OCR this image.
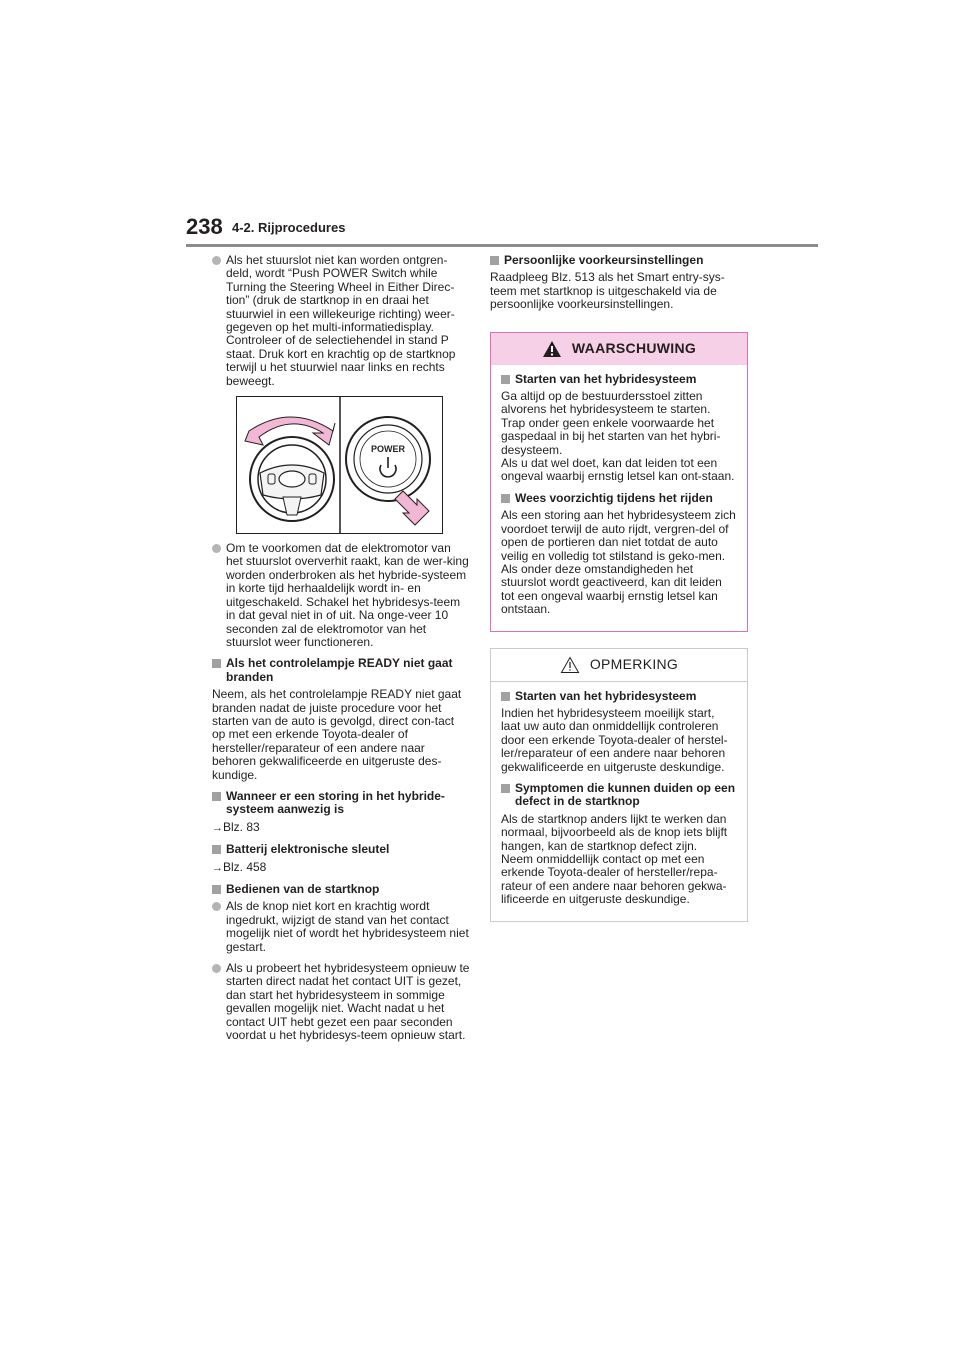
238 4-2. Rijprocedures

Als het stuurslot niet kan worden ontgren-deld, wordt “Push POWER Switch while Turning the Steering Wheel in Either Direc-tion” (druk de startknop in en draai het stuurwiel in een willekeurige richting) weer-gegeven op het multi-informatiedisplay. Controleer of de selectiehendel in stand P staat. Druk kort en krachtig op de startknop terwijl u het stuurwiel naar links en rechts beweegt.

POWER

Om te voorkomen dat de elektromotor van het stuurslot oververhit raakt, kan de wer-king worden onderbroken als het hybride-systeem in korte tijd herhaaldelijk wordt in- en uitgeschakeld. Schakel het hybridesys-teem in dat geval niet in of uit. Na onge-veer 10 seconden zal de elektromotor van het stuurslot weer functioneren.

Als het controlelampje READY niet gaat branden

Neem, als het controlelampje READY niet gaat branden nadat de juiste procedure voor het starten van de auto is gevolgd, direct con-tact op met een erkende Toyota-dealer of hersteller/reparateur of een andere naar behoren gekwalificeerde en uitgeruste des-kundige.

Wanneer er een storing in het hybride-systeem aanwezig is

→Blz. 83

Batterij elektronische sleutel

→Blz. 458

Bedienen van de startknop

Als de knop niet kort en krachtig wordt ingedrukt, wijzigt de stand van het contact mogelijk niet of wordt het hybridesysteem niet gestart.

Als u probeert het hybridesysteem opnieuw te starten direct nadat het contact UIT is gezet, dan start het hybridesysteem in sommige gevallen mogelijk niet. Wacht nadat u het contact UIT hebt gezet een paar seconden voordat u het hybridesys-teem opnieuw start.

Persoonlijke voorkeursinstellingen

Raadpleeg Blz. 513 als het Smart entry-sys-teem met startknop is uitgeschakeld via de persoonlijke voorkeursinstellingen.

WAARSCHUWING

Starten van het hybridesysteem

Ga altijd op de bestuurdersstoel zitten alvorens het hybridesysteem te starten. Trap onder geen enkele voorwaarde het gaspedaal in bij het starten van het hybri-desysteem.

Als u dat wel doet, kan dat leiden tot een ongeval waarbij ernstig letsel kan ont-staan.

Wees voorzichtig tijdens het rijden

Als een storing aan het hybridesysteem zich voordoet terwijl de auto rijdt, vergren-del of open de portieren dan niet totdat de auto veilig en volledig tot stilstand is geko-men. Als onder deze omstandigheden het stuurslot wordt geactiveerd, kan dit leiden tot een ongeval waarbij ernstig letsel kan ontstaan.

OPMERKING

Starten van het hybridesysteem

Indien het hybridesysteem moeilijk start, laat uw auto dan onmiddellijk controleren door een erkende Toyota-dealer of herstel-ler/reparateur of een andere naar behoren gekwalificeerde en uitgeruste deskundige.

Symptomen die kunnen duiden op een defect in de startknop

Als de startknop anders lijkt te werken dan normaal, bijvoorbeeld als de knop iets blijft hangen, kan de startknop defect zijn.

Neem onmiddellijk contact op met een erkende Toyota-dealer of hersteller/repa-rateur of een andere naar behoren gekwa-lificeerde en uitgeruste deskundige.
